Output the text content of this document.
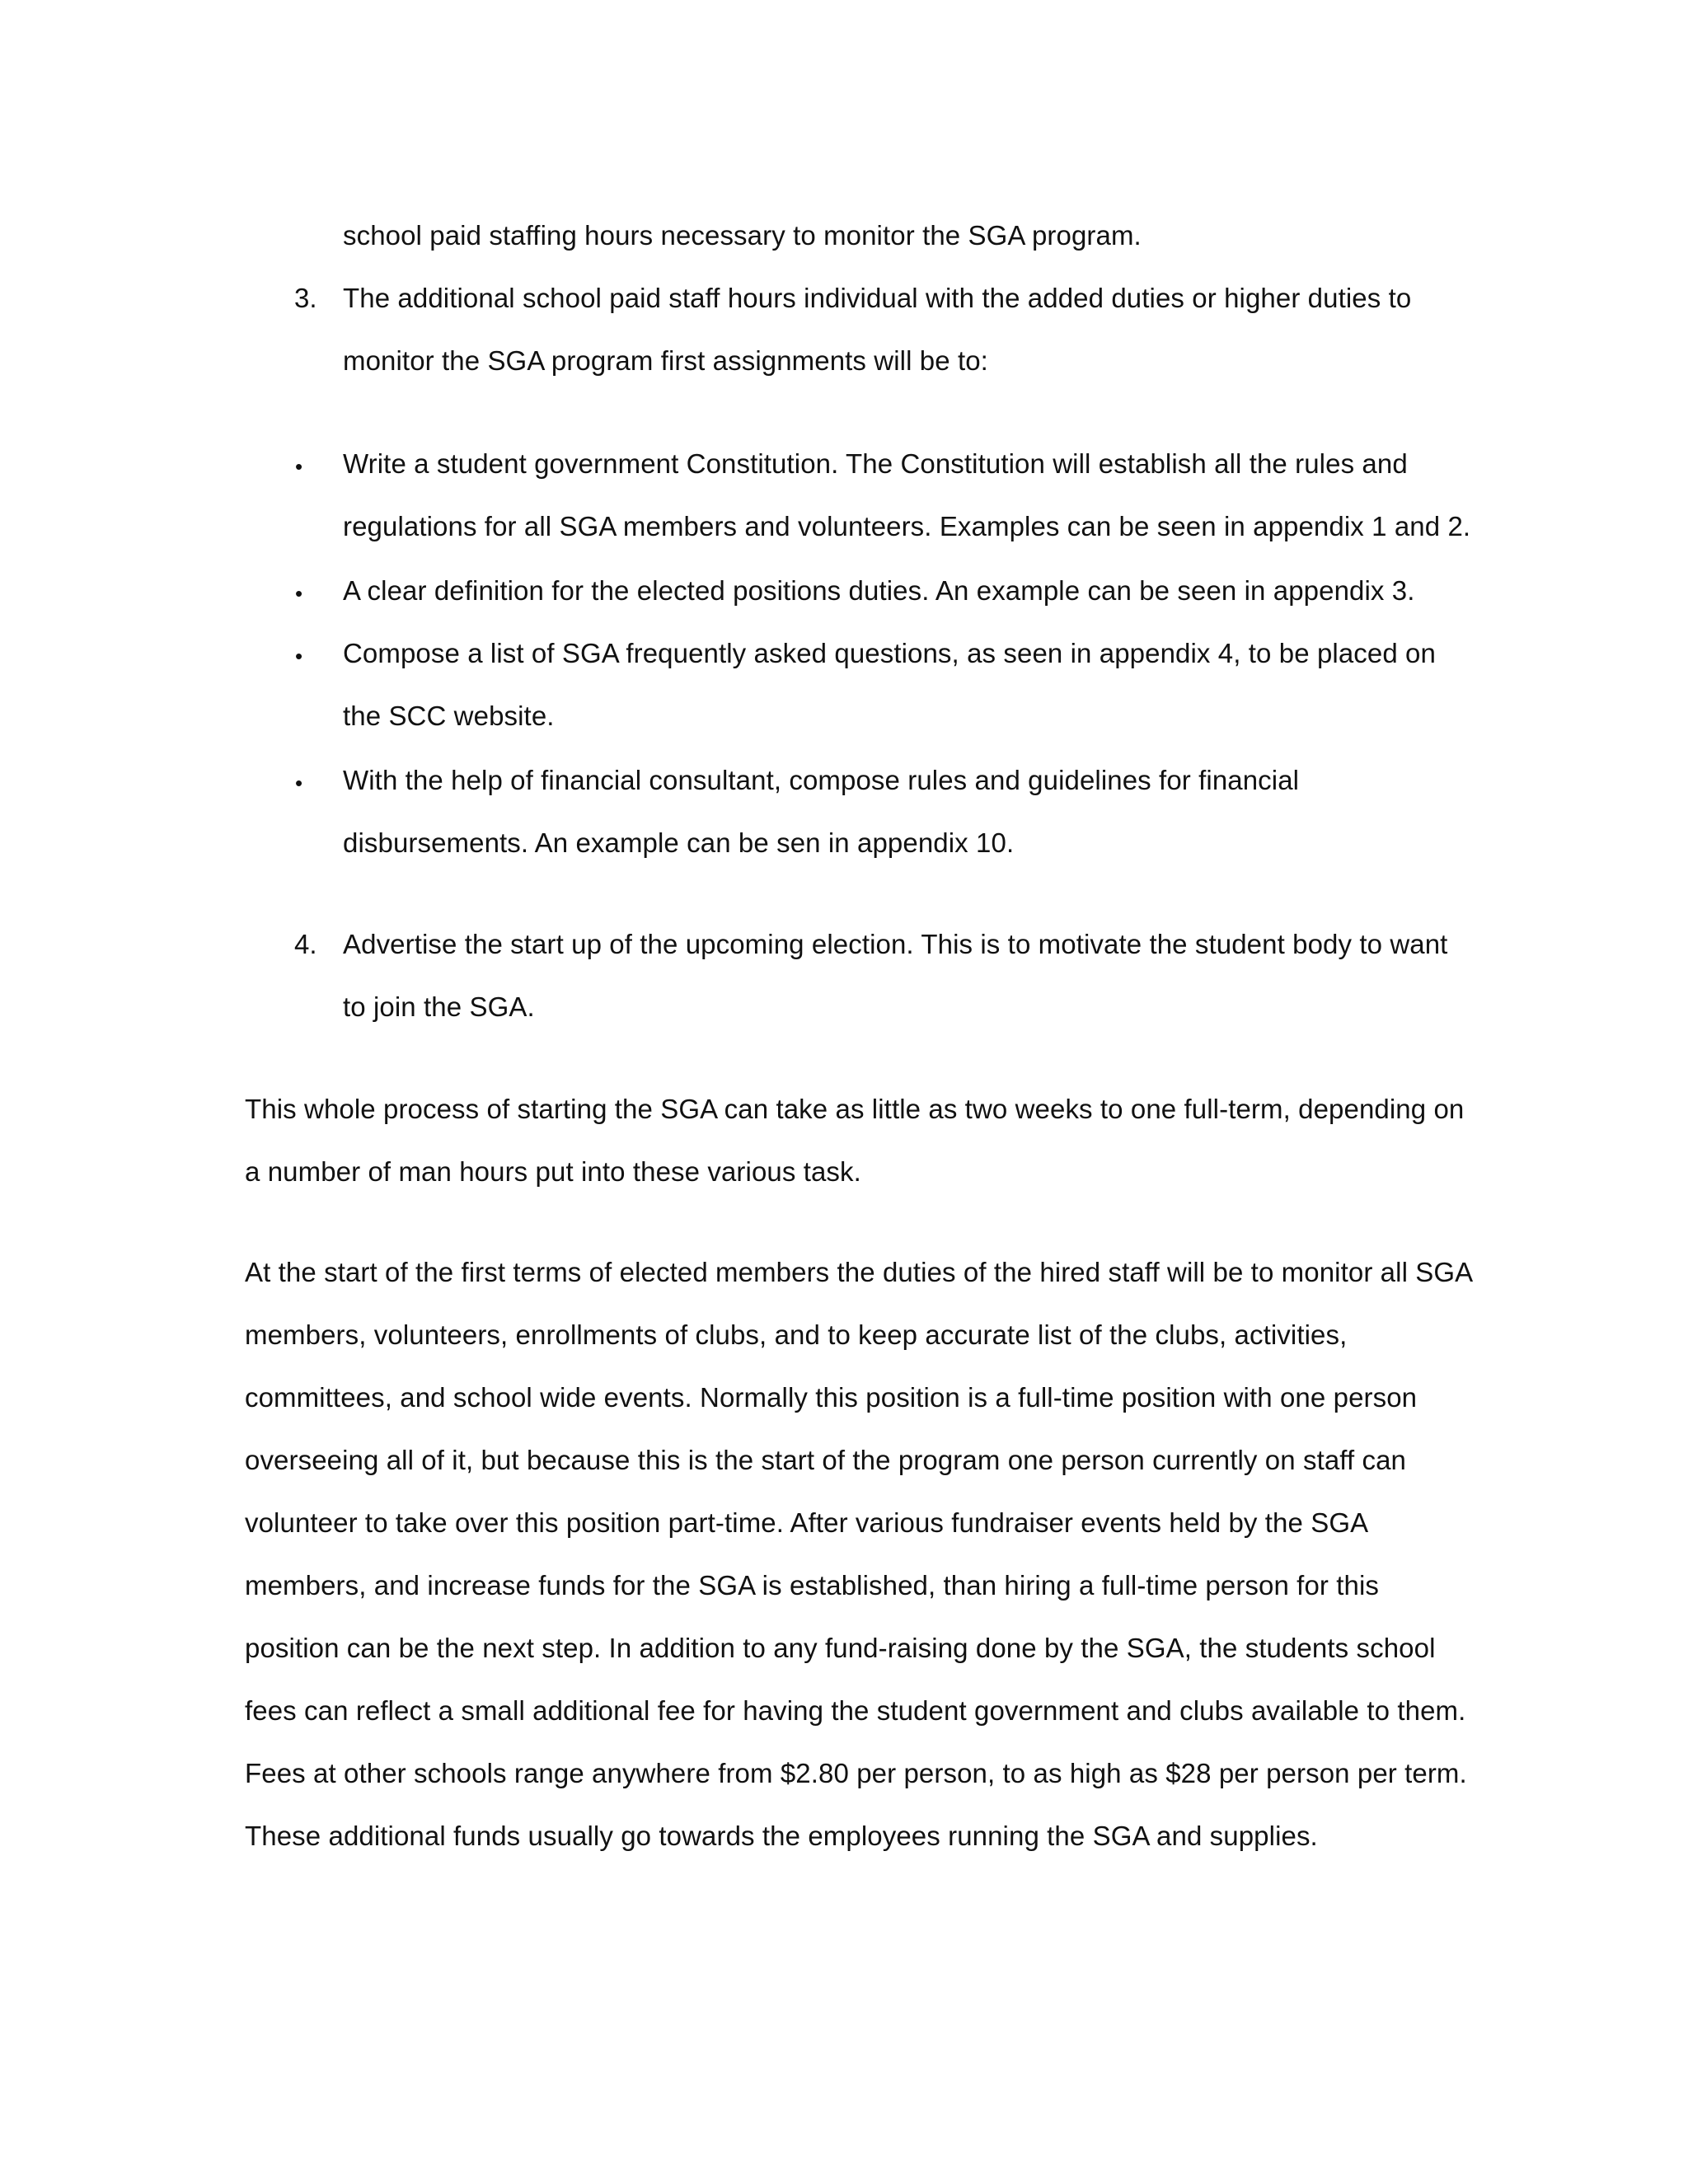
school paid staffing hours necessary to monitor the SGA program.
3. The additional school paid staff hours individual with the added duties or higher duties to
monitor the SGA program first assignments will be to:
• Write a student government Constitution. The Constitution will establish all the rules and
regulations for all SGA members and volunteers. Examples can be seen in appendix 1 and 2.
• A clear definition for the elected positions duties. An example can be seen in appendix 3.
• Compose a list of SGA frequently asked questions, as seen in appendix 4, to be placed on
the SCC website.
• With the help of financial consultant, compose rules and guidelines for financial
disbursements. An example can be sen in appendix 10.
4. Advertise the start up of the upcoming election. This is to motivate the student body to want
to join the SGA.
This whole process of starting the SGA can take as little as two weeks to one full-term, depending on
a number of man hours put into these various task.
At the start of the first terms of elected members the duties of the hired staff will be to monitor all SGA
members, volunteers, enrollments of clubs, and to keep accurate list of the clubs, activities,
committees, and school wide events. Normally this position is a full-time position with one person
overseeing all of it, but because this is the start of the program one person currently on staff can
volunteer to take over this position part-time. After various fundraiser events held by the SGA
members, and increase funds for the SGA is established, than hiring a full-time person for this
position can be the next step. In addition to any fund-raising done by the SGA, the students school
fees can reflect a small additional fee for having the student government and clubs available to them.
Fees at other schools range anywhere from $2.80 per person, to as high as $28 per person per term.
These additional funds usually go towards the employees running the SGA and supplies.
